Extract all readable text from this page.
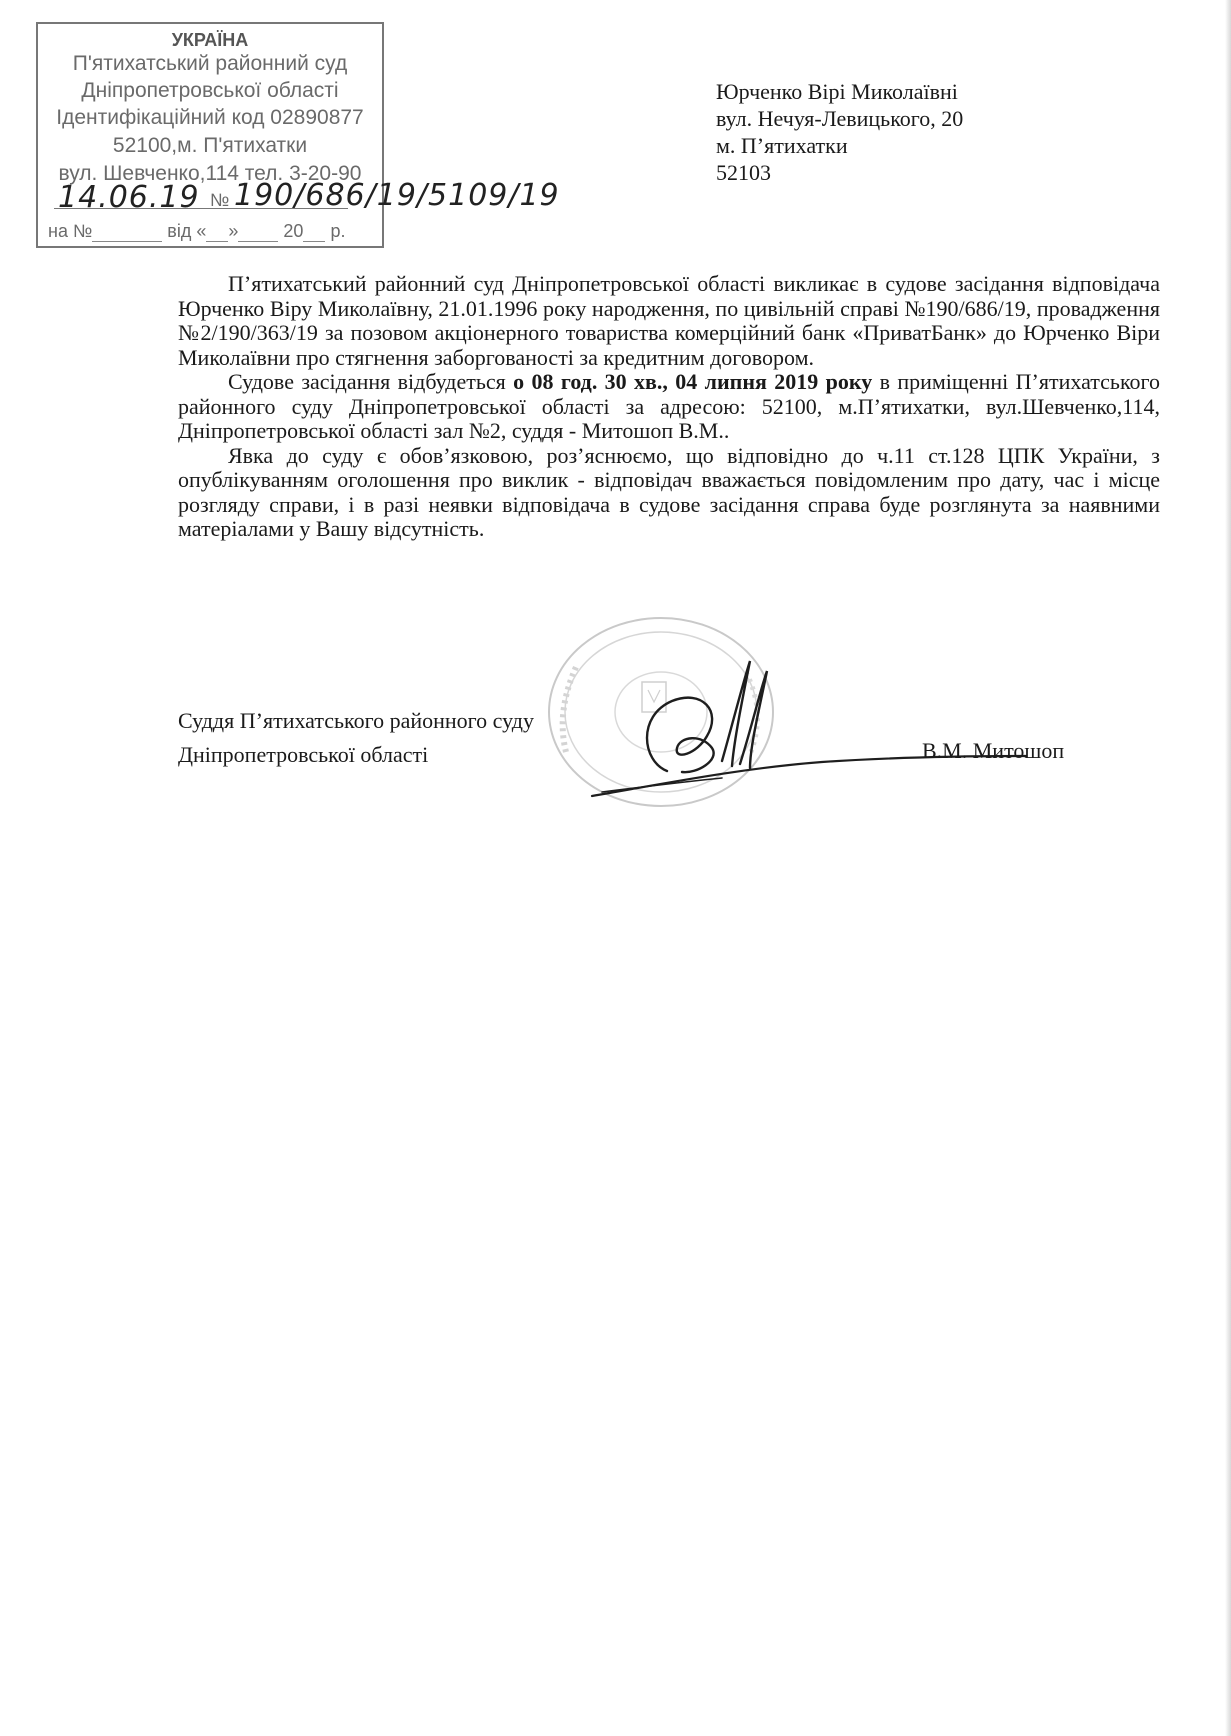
УКРАЇНА
П'ятихатський районний суд
Дніпропетровської області
Ідентифікаційний код 02890877
52100,м. П'ятихатки
вул. Шевченко,114 тел. 3-20-90
14.06.19 № 190/686/19/5109/19
на №	від « »	20 р.
Юрченко Вірі Миколаївні
вул. Нечуя-Левицького, 20
м. П’ятихатки
52103

П’ятихатський районний суд Дніпропетровської області викликає в судове засідання відповідача Юрченко Віру Миколаївну, 21.01.1996 року народження, по цивільній справі №190/686/19, провадження №2/190/363/19 за позовом акціонерного товариства комерційний банк «ПриватБанк» до Юрченко Віри Миколаївни про стягнення заборгованості за кредитним договором.

Судове засідання відбудеться о 08 год. 30 хв., 04 липня 2019 року в приміщенні П’ятихатського районного суду Дніпропетровської області за адресою: 52100, м.П’ятихатки, вул.Шевченко,114, Дніпропетровської області зал №2, суддя - Митошоп В.М..

Явка до суду є обов’язковою, роз’яснюємо, що відповідно до ч.11 ст.128 ЦПК України, з опублікуванням оголошення про виклик - відповідач вважається повідомленим про дату, час і місце розгляду справи, і в разі неявки відповідача в судове засідання справа буде розглянута за наявними матеріалами у Вашу відсутність.

Суддя П’ятихатського районного суду
Дніпропетровської області	В.М. Митошоп
